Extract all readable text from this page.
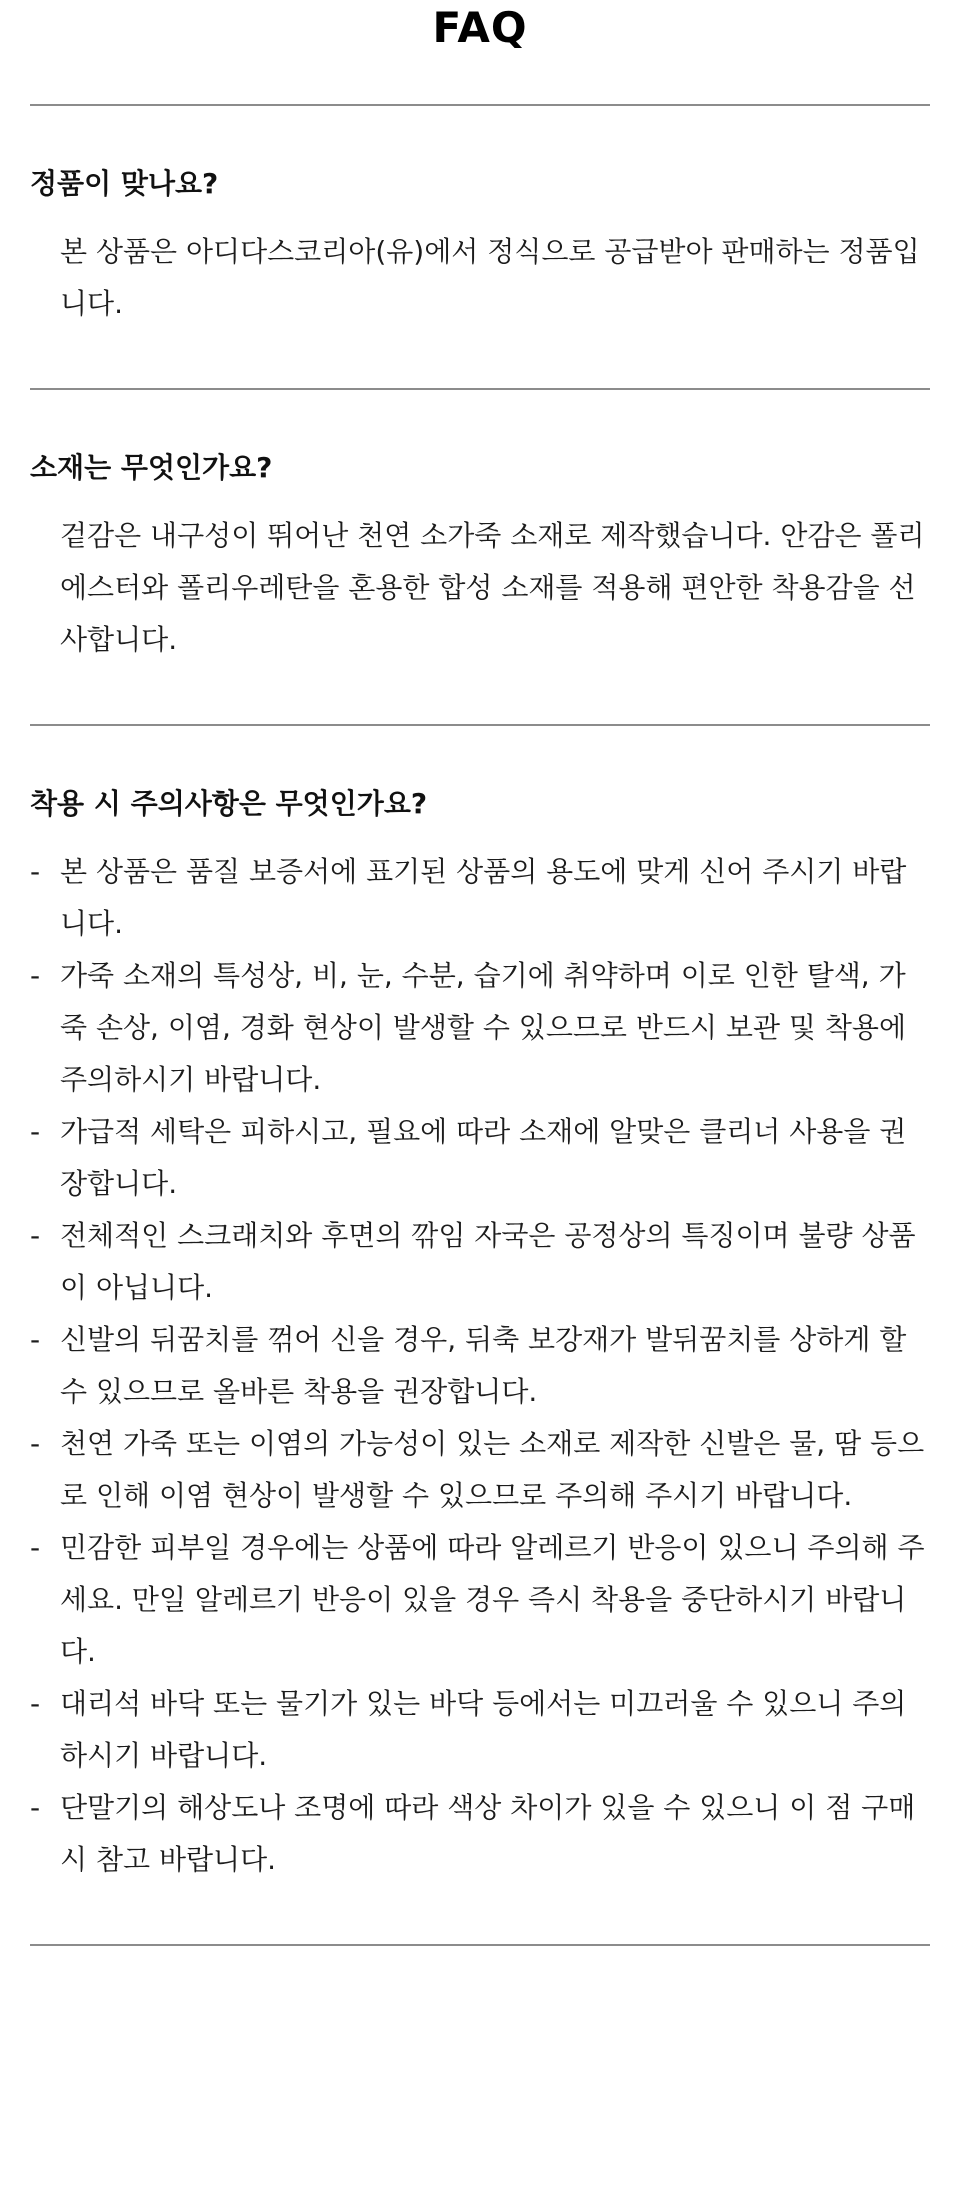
FAQ
정품이 맞나요?

본 상품은 아디다스코리아(유)에서 정식으로 공급받아 판매하는 정품입니다.

소재는 무엇인가요?

겉감은 내구성이 뛰어난 천연 소가죽 소재로 제작했습니다. 안감은 폴리에스터와 폴리우레탄을 혼용한 합성 소재를 적용해 편안한 착용감을 선사합니다.

착용 시 주의사항은 무엇인가요?
- 본 상품은 품질 보증서에 표기된 상품의 용도에 맞게 신어 주시기 바랍니다.
- 가죽 소재의 특성상, 비, 눈, 수분, 습기에 취약하며 이로 인한 탈색, 가죽 손상, 이염, 경화 현상이 발생할 수 있으므로 반드시 보관 및 착용에 주의하시기 바랍니다.
- 가급적 세탁은 피하시고, 필요에 따라 소재에 알맞은 클리너 사용을 권장합니다.
- 전체적인 스크래치와 후면의 깎임 자국은 공정상의 특징이며 불량 상품이 아닙니다.
- 신발의 뒤꿈치를 꺾어 신을 경우, 뒤축 보강재가 발뒤꿈치를 상하게 할 수 있으므로 올바른 착용을 권장합니다.
- 천연 가죽 또는 이염의 가능성이 있는 소재로 제작한 신발은 물, 땀 등으로 인해 이염 현상이 발생할 수 있으므로 주의해 주시기 바랍니다.
- 민감한 피부일 경우에는 상품에 따라 알레르기 반응이 있으니 주의해 주세요. 만일 알레르기 반응이 있을 경우 즉시 착용을 중단하시기 바랍니다.
- 대리석 바닥 또는 물기가 있는 바닥 등에서는 미끄러울 수 있으니 주의하시기 바랍니다.
- 단말기의 해상도나 조명에 따라 색상 차이가 있을 수 있으니 이 점 구매 시 참고 바랍니다.
